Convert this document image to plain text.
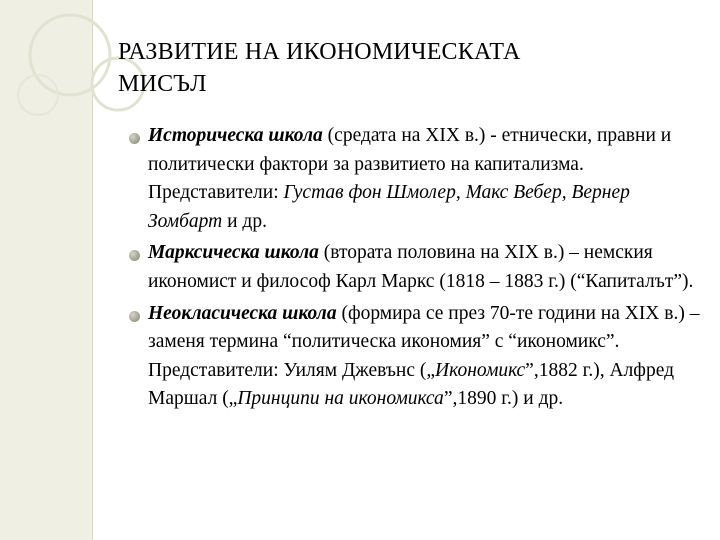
РАЗВИТИЕ НА ИКОНОМИЧЕСКАТА
МИСЪЛ
Историческа школа (средата на XIX в.) - етнически, правни и политически фактори за развитието на капитализма. Представители: Густав фон Шмолер, Макс Вебер, Вернер Зомбарт и др.
Марксическа школа (втората половина на XIX в.) – немския икономист и философ Карл Маркс (1818 – 1883 г.) (“Капиталът”).
Неокласическа школа (формира се през 70-те години на XIX в.) – заменя термина “политическа икономия” с “икономикс”. Представители: Уилям Джевънс („Икономикс”,1882 г.), Алфред Маршал („Принципи на икономикса”,1890 г.) и др.
